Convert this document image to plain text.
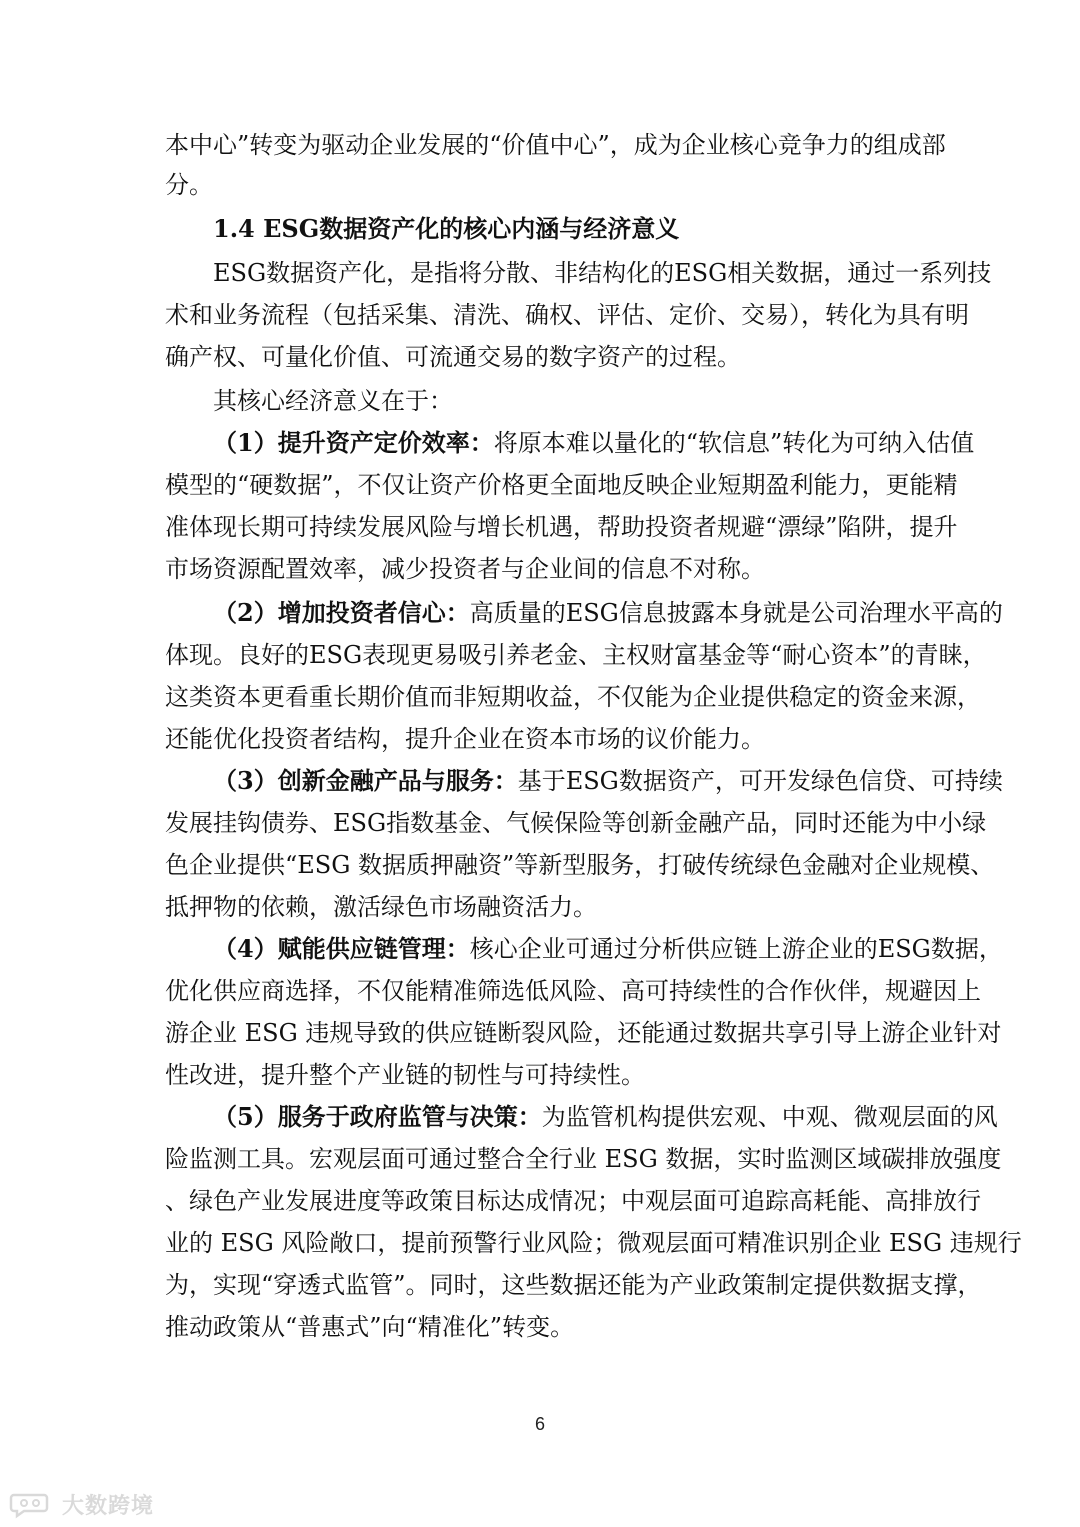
本中心”转变为驱动企业发展的“价值中心”，成为企业核心竞争力的组成部
分。
ESG数据资产化，是指将分散、非结构化的ESG相关数据，通过一系列技
术和业务流程（包括采集、清洗、确权、评估、定价、交易），转化为具有明
确产权、可量化价值、可流通交易的数字资产的过程。
其核心经济意义在于：
模型的“硬数据”，不仅让资产价格更全面地反映企业短期盈利能力，更能精
准体现长期可持续发展风险与增长机遇，帮助投资者规避“漂绿”陷阱，提升
市场资源配置效率，减少投资者与企业间的信息不对称。
体现。良好的ESG表现更易吸引养老金、主权财富基金等“耐心资本”的青睐，
这类资本更看重长期价值而非短期收益，不仅能为企业提供稳定的资金来源，
还能优化投资者结构，提升企业在资本市场的议价能力。
发展挂钩债券、ESG指数基金、气候保险等创新金融产品，同时还能为中小绿
色企业提供“ESG 数据质押融资”等新型服务，打破传统绿色金融对企业规模、
抵押物的依赖，激活绿色市场融资活力。
优化供应商选择，不仅能精准筛选低风险、高可持续性的合作伙伴，规避因上
游企业 ESG 违规导致的供应链断裂风险，还能通过数据共享引导上游企业针对
性改进，提升整个产业链的韧性与可持续性。
险监测工具。宏观层面可通过整合全行业 ESG 数据，实时监测区域碳排放强度
、绿色产业发展进度等政策目标达成情况；中观层面可追踪高耗能、高排放行
业的 ESG 风险敞口，提前预警行业风险；微观层面可精准识别企业 ESG 违规行
为，实现“穿透式监管”。同时，这些数据还能为产业政策制定提供数据支撑，
推动政策从“普惠式”向“精准化”转变。
1.4 ESG数据资产化的核心内涵与经济意义
（1）提升资产定价效率：将原本难以量化的“软信息”转化为可纳入估值
（2）增加投资者信心：高质量的ESG信息披露本身就是公司治理水平高的
（3）创新金融产品与服务：基于ESG数据资产，可开发绿色信贷、可持续
（4）赋能供应链管理：核心企业可通过分析供应链上游企业的ESG数据，
（5）服务于政府监管与决策：为监管机构提供宏观、中观、微观层面的风
6
大数跨境
